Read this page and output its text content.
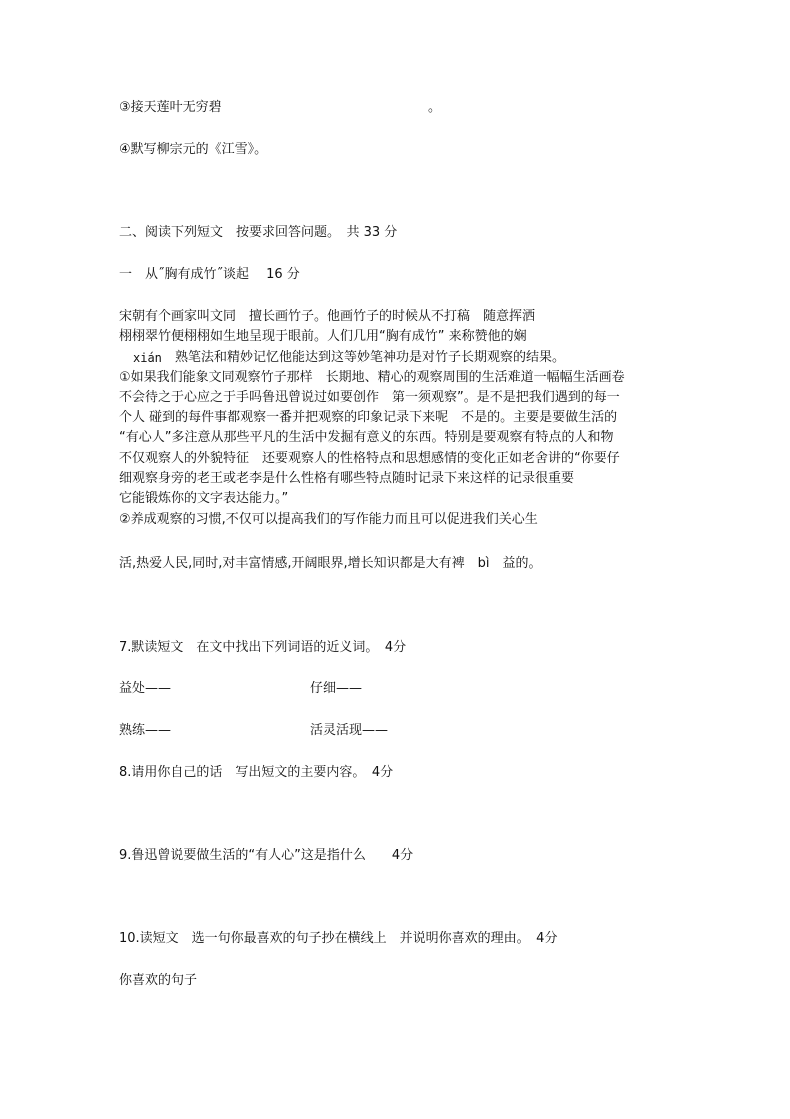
③接天莲叶无穷碧	。
④默写柳宗元的《江雪》。
二、阅读下列短文　按要求回答问题。　共 33 分
一　从˝胸有成竹˝谈起　 16 分
宋朝有个画家叫文同　擅长画竹子。他画竹子的时候从不打稿　随意挥洒
栩栩翠竹便栩栩如生地呈现于眼前。人们几用“胸有成竹” 来称赞他的娴
xián 熟笔法和精妙记忆他能达到这等妙笔神功是对竹子长期观察的结果。
①如果我们能象文同观察竹子那样　长期地、精心的观察周围的生活难道一幅幅生活画卷
不会待之于心应之于手吗鲁迅曾说过如要创作　第一须观察”。是不是把我们遇到的每一
个人 碰到的每件事都观察一番并把观察的印象记录下来呢　不是的。主要是要做生活的
“有心人”多注意从那些平凡的生活中发掘有意义的东西。特别是要观察有特点的人和物
不仅观察人的外貌特征　还要观察人的性格特点和思想感情的变化正如老舍讲的“你要仔
细观察身旁的老王或老李是什么性格有哪些特点随时记录下来这样的记录很重要
它能锻炼你的文字表达能力。”
②养成观察的习惯,不仅可以提高我们的写作能力而且可以促进我们关心生
活,热爱人民,同时,对丰富情感,开阔眼界,增长知识都是大有裨　bì　益的。
7.默读短文　在文中找出下列词语的近义词。　4分
益处——	仔细——
熟练——	活灵活现——
8.请用你自己的话　写出短文的主要内容。　4分
9.鲁迅曾说要做生活的“有人心”这是指什么　　4分
10.读短文　选一句你最喜欢的句子抄在横线上　并说明你喜欢的理由。　4分
你喜欢的句子
